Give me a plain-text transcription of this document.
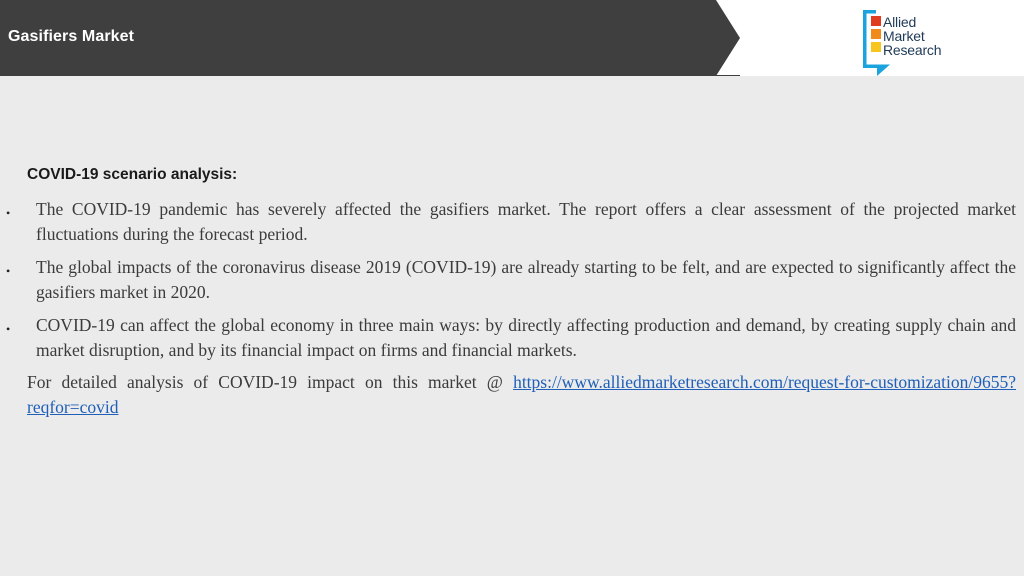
Gasifiers Market
Allied
Market
Research
COVID-19 scenario analysis:
• The COVID-19 pandemic has severely affected the gasifiers market. The report offers a clear assessment of the projected market fluctuations during the forecast period.
• The global impacts of the coronavirus disease 2019 (COVID-19) are already starting to be felt, and are expected to significantly affect the gasifiers market in 2020.
• COVID-19 can affect the global economy in three main ways: by directly affecting production and demand, by creating supply chain and market disruption, and by its financial impact on firms and financial markets.
For detailed analysis of COVID-19 impact on this market @ https://www.alliedmarketresearch.com/request-for-customization/9655?reqfor=covid
